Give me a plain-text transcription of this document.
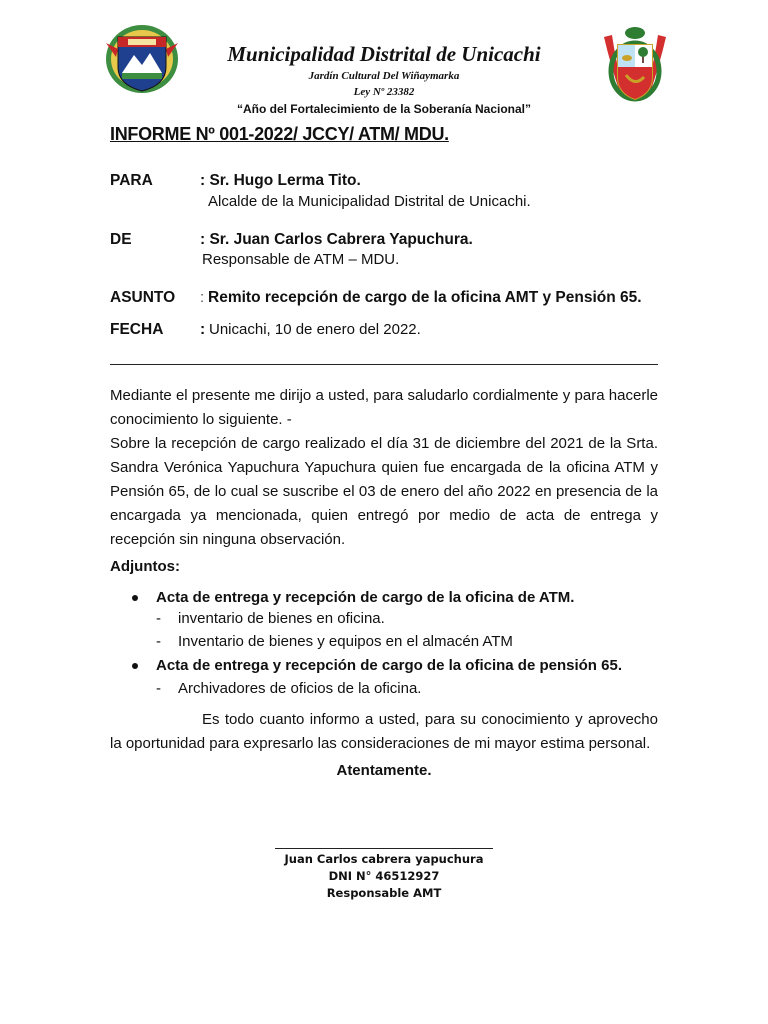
Municipalidad Distrital de Unicachi
Jardín Cultural Del Wiñaymarka
Ley Nº 23382
“Año del Fortalecimiento de la Soberanía Nacional”
INFORME Nº 001-2022/ JCCY/ ATM/ MDU.
PARA	: Sr. Hugo Lerma Tito.
Alcalde de la Municipalidad Distrital de Unicachi.
DE	: Sr. Juan Carlos Cabrera Yapuchura.
Responsable de ATM – MDU.
ASUNTO : Remito recepción de cargo de la oficina AMT y Pensión 65.
FECHA : Unicachi, 10 de enero del 2022.
Mediante el presente me dirijo a usted, para saludarlo cordialmente y para hacerle conocimiento lo siguiente. -
Sobre la recepción de cargo realizado el día 31 de diciembre del 2021 de la Srta. Sandra Verónica Yapuchura Yapuchura quien fue encargada de la oficina ATM y Pensión 65, de lo cual se suscribe el 03 de enero del año 2022 en presencia de la encargada ya mencionada, quien entregó por medio de acta de entrega y recepción sin ninguna observación.
Adjuntos:
Acta de entrega y recepción de cargo de la oficina de ATM.
- inventario de bienes en oficina.
- Inventario de bienes y equipos en el almacén ATM
Acta de entrega y recepción de cargo de la oficina de pensión 65.
- Archivadores de oficios de la oficina.
Es todo cuanto informo a usted, para su conocimiento y aprovecho la oportunidad para expresarlo las consideraciones de mi mayor estima personal.
Atentamente.
Juan Carlos cabrera yapuchura
DNI N° 46512927
Responsable AMT
